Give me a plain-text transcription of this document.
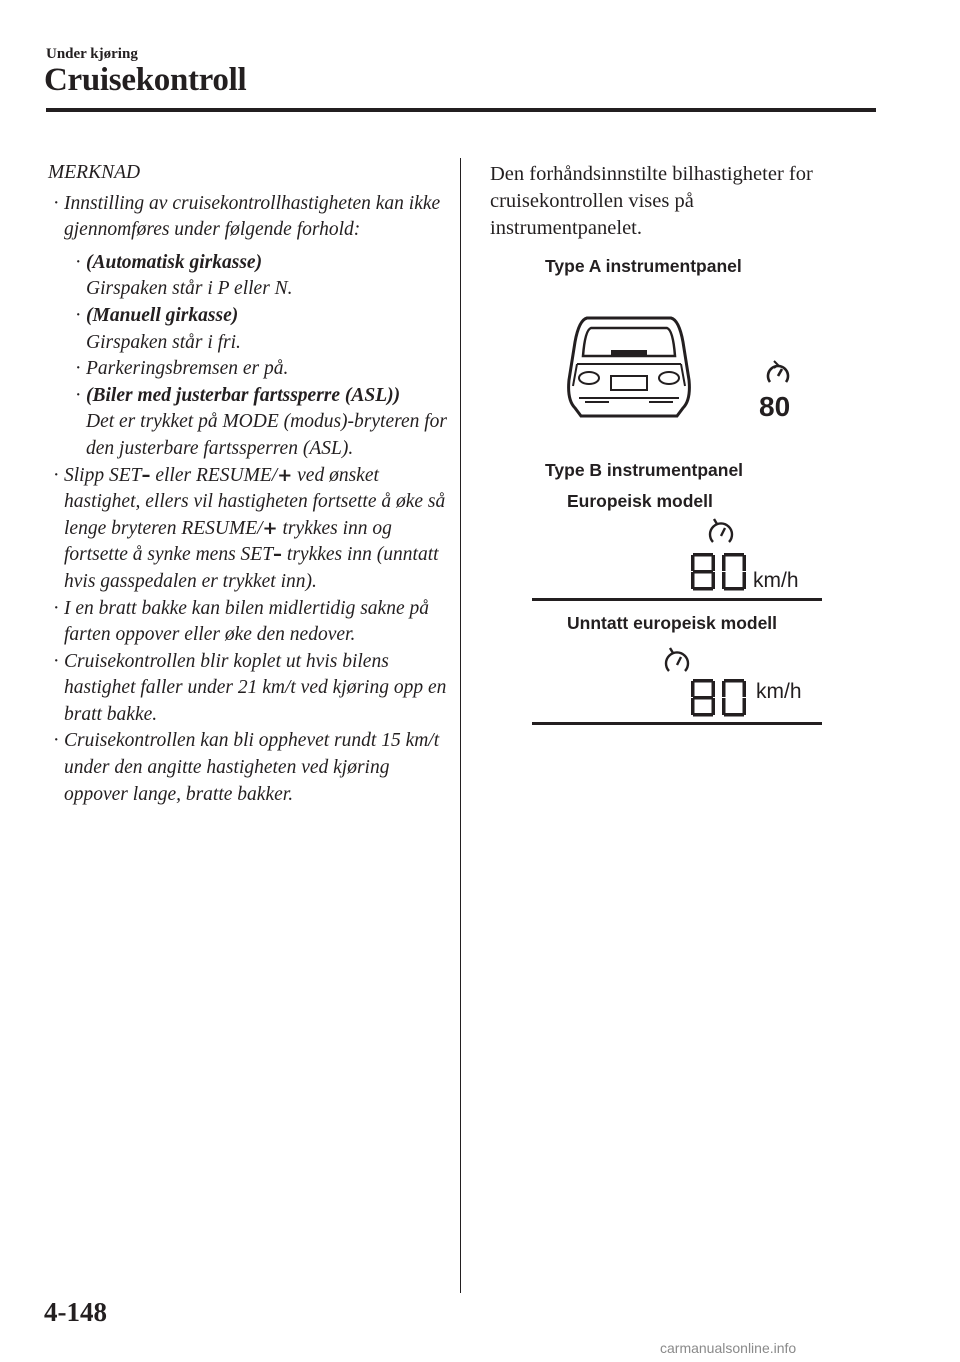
Under kjøring
Cruisekontroll
MERKNAD
· Innstilling av cruisekontrollhastigheten kan ikke gjennomføres under følgende forhold:
· (Automatisk girkasse)
Girspaken står i P eller N.
· (Manuell girkasse)
Girspaken står i fri.
· Parkeringsbremsen er på.
· (Biler med justerbar fartssperre (ASL))
Det er trykket på MODE (modus)-bryteren for den justerbare fartssperren (ASL).
· Slipp SET– eller RESUME/+ ved ønsket hastighet, ellers vil hastigheten fortsette å øke så lenge bryteren RESUME/+ trykkes inn og fortsette å synke mens SET– trykkes inn (unntatt hvis gasspedalen er trykket inn).
· I en bratt bakke kan bilen midlertidig sakne på farten oppover eller øke den nedover.
· Cruisekontrollen blir koplet ut hvis bilens hastighet faller under 21 km/t ved kjøring opp en bratt bakke.
· Cruisekontrollen kan bli opphevet rundt 15 km/t under den angitte hastigheten ved kjøring oppover lange, bratte bakker.
Den forhåndsinnstilte bilhastigheter for cruisekontrollen vises på instrumentpanelet.
Type A instrumentpanel
80
Type B instrumentpanel
Europeisk modell
km/h
Unntatt europeisk modell
km/h
4-148
carmanualsonline.info
